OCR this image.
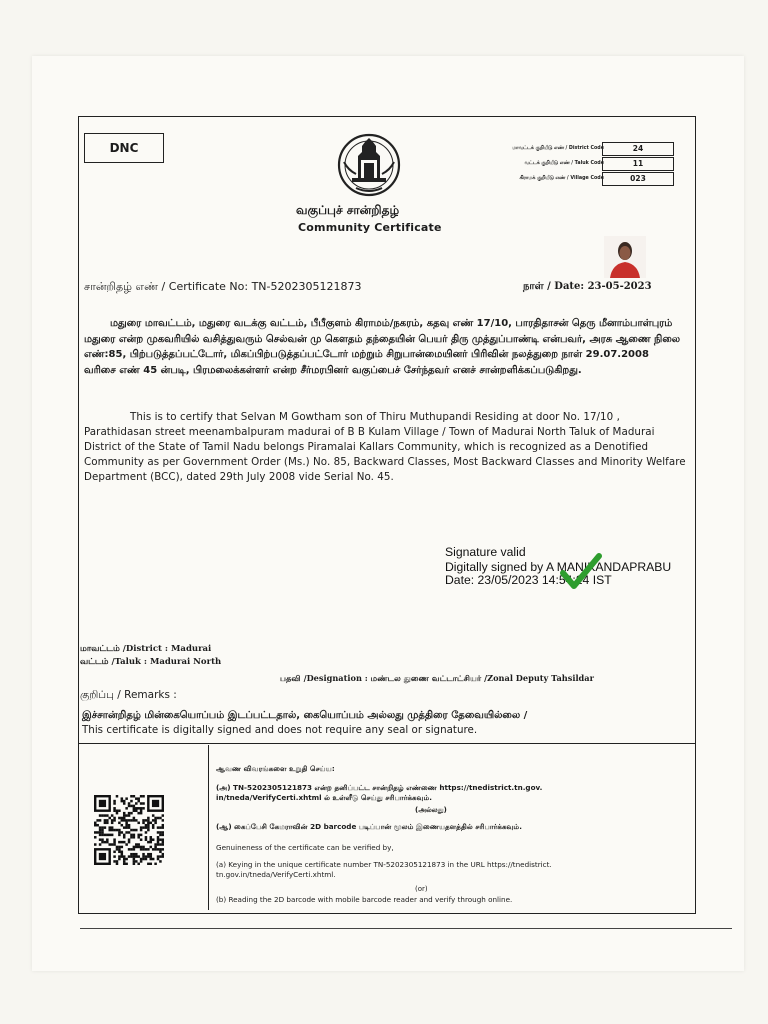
DNC	மாவட்டக் குறியீடு எண் / District Code	24
வட்டக் குறியீடு எண் / Taluk Code	11
கிராமக் குறியீடு எண் / Village Code	023
வகுப்புச் சான்றிதழ்
Community Certificate
சான்றிதழ் எண் / Certificate No: TN-5202305121873	நாள் / Date: 23-05-2023
மதுரை மாவட்டம், மதுரை வடக்கு வட்டம், பீபீகுளம் கிராமம்/நகரம், கதவு எண் 17/10, பாரதிதாசன் தெரு மீனாம்பாள்புரம் மதுரை என்ற முகவரியில் வசித்துவரும் செல்வன் மு கௌதம் தந்தையின் பெயர் திரு முத்துப்பாண்டி என்பவர், அரசு ஆணை நிலை எண்:85, பிற்படுத்தப்பட்டோர், மிகப்பிற்படுத்தப்பட்டோர் மற்றும் சிறுபான்மையினர் பிரிவின் நலத்துறை நாள் 29.07.2008 வரிசை எண் 45 ன்படி, பிரமலைக்கள்ளர் என்ற சீர்மரபினர் வகுப்பைச் சேர்ந்தவர் எனச் சான்றளிக்கப்படுகிறது.
This is to certify that Selvan M Gowtham son of Thiru Muthupandi Residing at door No. 17/10 , Parathidasan street meenambalpuram madurai of B B Kulam Village / Town of Madurai North Taluk of Madurai District of the State of Tamil Nadu belongs Piramalai Kallars Community, which is recognized as a Denotified Community as per Government Order (Ms.) No. 85, Backward Classes, Most Backward Classes and Minority Welfare Department (BCC), dated 29th July 2008 vide Serial No. 45.
Signature valid
Digitally signed by A MANIKANDAPRABU
Date: 23/05/2023 14:54:24 IST
மாவட்டம் /District : Madurai
வட்டம் /Taluk : Madurai North
பதவி /Designation : மண்டல துணை வட்டாட்சியர் /Zonal Deputy Tahsildar
குறிப்பு / Remarks :
இச்சான்றிதழ் மின்கையொப்பம் இடப்பட்டதால், கையொப்பம் அல்லது முத்திரை தேவையில்லை /
This certificate is digitally signed and does not require any seal or signature.
ஆவண விவரங்களை உறுதி செய்ய:
(அ) TN-5202305121873 என்ற தனிப்பட்ட சான்றிதழ் எண்ணை https://tnedistrict.tn.gov.
in/tneda/VerifyCerti.xhtml ல் உள்ளீடு செய்து சரிபார்க்கவும்.
(அல்லது)
(ஆ) கைப்பேசி கேமராவின் 2D barcode படிப்பான் மூலம் இணையதளத்தில் சரிபார்க்கவும்.
Genuineness of the certificate can be verified by,
(a) Keying in the unique certificate number TN-5202305121873 in the URL https://tnedistrict.
tn.gov.in/tneda/VerifyCerti.xhtml.
(or)
(b) Reading the 2D barcode with mobile barcode reader and verify through online.
